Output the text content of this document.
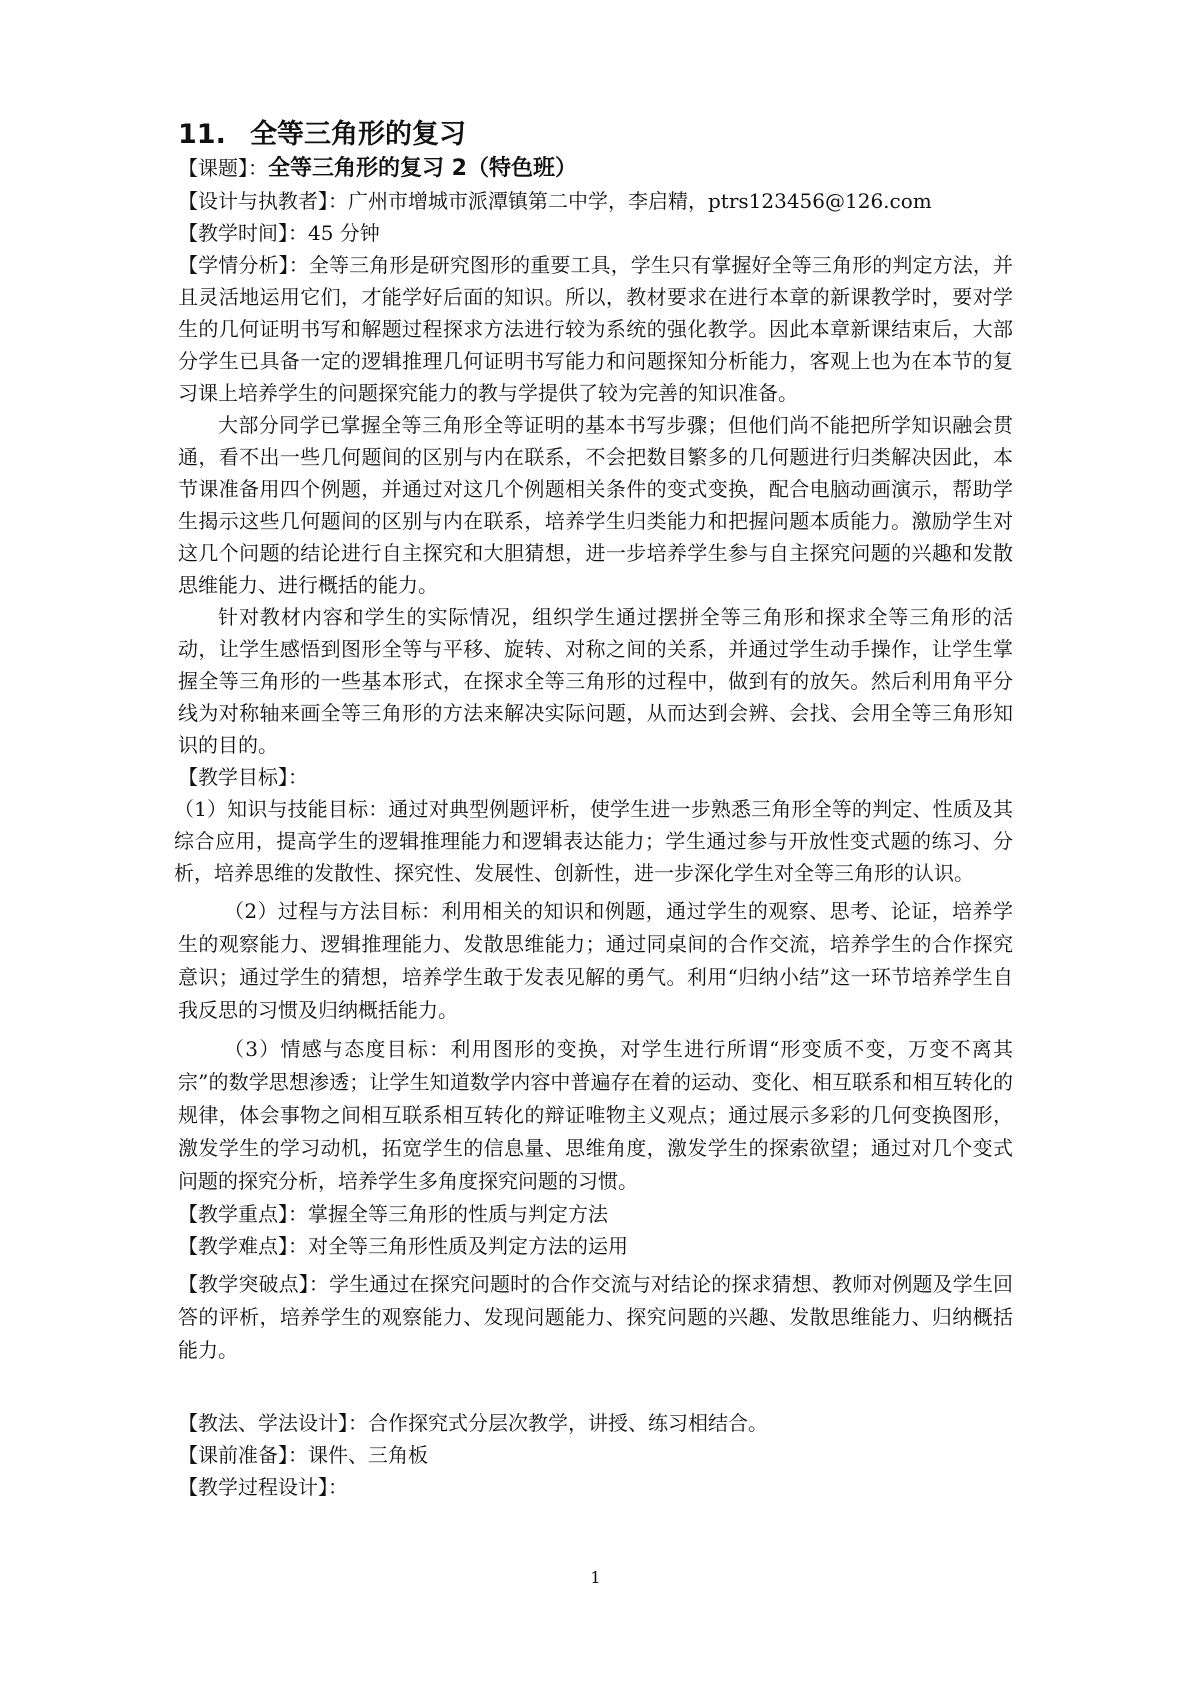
11. 全等三角形的复习
【课题】：全等三角形的复习 2（特色班）
【设计与执教者】：广州市增城市派潭镇第二中学，李启精，ptrs123456@126.com
【教学时间】：45 分钟

【学情分析】：全等三角形是研究图形的重要工具，学生只有掌握好全等三角形的判定方法，并且灵活地运用它们，才能学好后面的知识。所以，教材要求在进行本章的新课教学时，要对学生的几何证明书写和解题过程探求方法进行较为系统的强化教学。因此本章新课结束后，大部分学生已具备一定的逻辑推理几何证明书写能力和问题探知分析能力，客观上也为在本节的复习课上培养学生的问题探究能力的教与学提供了较为完善的知识准备。

大部分同学已掌握全等三角形全等证明的基本书写步骤；但他们尚不能把所学知识融会贯通，看不出一些几何题间的区别与内在联系，不会把数目繁多的几何题进行归类解决因此，本节课准备用四个例题，并通过对这几个例题相关条件的变式变换，配合电脑动画演示，帮助学生揭示这些几何题间的区别与内在联系，培养学生归类能力和把握问题本质能力。激励学生对这几个问题的结论进行自主探究和大胆猜想，进一步培养学生参与自主探究问题的兴趣和发散思维能力、进行概括的能力。

针对教材内容和学生的实际情况，组织学生通过摆拼全等三角形和探求全等三角形的活动，让学生感悟到图形全等与平移、旋转、对称之间的关系，并通过学生动手操作，让学生掌握全等三角形的一些基本形式，在探求全等三角形的过程中，做到有的放矢。然后利用角平分线为对称轴来画全等三角形的方法来解决实际问题，从而达到会辨、会找、会用全等三角形知识的目的。

【教学目标】：

（1）知识与技能目标：通过对典型例题评析，使学生进一步熟悉三角形全等的判定、性质及其综合应用，提高学生的逻辑推理能力和逻辑表达能力；学生通过参与开放性变式题的练习、分析，培养思维的发散性、探究性、发展性、创新性，进一步深化学生对全等三角形的认识。

（2）过程与方法目标：利用相关的知识和例题，通过学生的观察、思考、论证，培养学生的观察能力、逻辑推理能力、发散思维能力；通过同桌间的合作交流，培养学生的合作探究意识；通过学生的猜想，培养学生敢于发表见解的勇气。利用“归纳小结”这一环节培养学生自我反思的习惯及归纳概括能力。

（3）情感与态度目标：利用图形的变换，对学生进行所谓“形变质不变，万变不离其宗”的数学思想渗透；让学生知道数学内容中普遍存在着的运动、变化、相互联系和相互转化的规律，体会事物之间相互联系相互转化的辩证唯物主义观点；通过展示多彩的几何变换图形，激发学生的学习动机，拓宽学生的信息量、思维角度，激发学生的探索欲望；通过对几个变式问题的探究分析，培养学生多角度探究问题的习惯。

【教学重点】：掌握全等三角形的性质与判定方法
【教学难点】：对全等三角形性质及判定方法的运用

【教学突破点】：学生通过在探究问题时的合作交流与对结论的探求猜想、教师对例题及学生回答的评析，培养学生的观察能力、发现问题能力、探究问题的兴趣、发散思维能力、归纳概括能力。

【教法、学法设计】：合作探究式分层次教学，讲授、练习相结合。
【课前准备】：课件、三角板
【教学过程设计】：
1
